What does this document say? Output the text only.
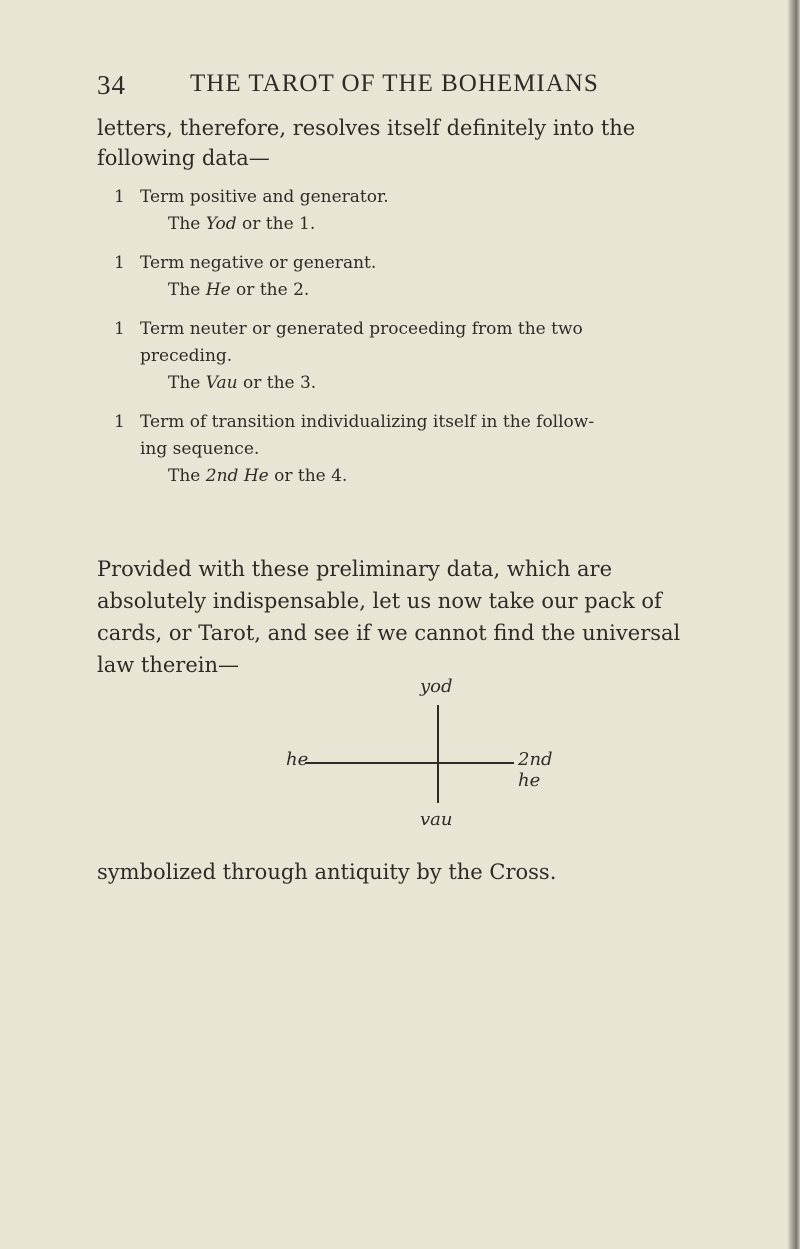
34	THE TAROT OF THE BOHEMIANS
letters, therefore, resolves itself definitely into the
following data—
1 Term positive and generator.
The Yod or the 1.
1 Term negative or generant.
The He or the 2.
1 Term neuter or generated proceeding from the two
preceding.
The Vau or the 3.
1 Term of transition individualizing itself in the follow-
ing sequence.
The 2nd He or the 4.
Provided with these preliminary data, which are
absolutely indispensable, let us now take our pack of
cards, or Tarot, and see if we cannot find the universal
law therein—
yod
he	2nd he
vau
symbolized through antiquity by the Cross.
